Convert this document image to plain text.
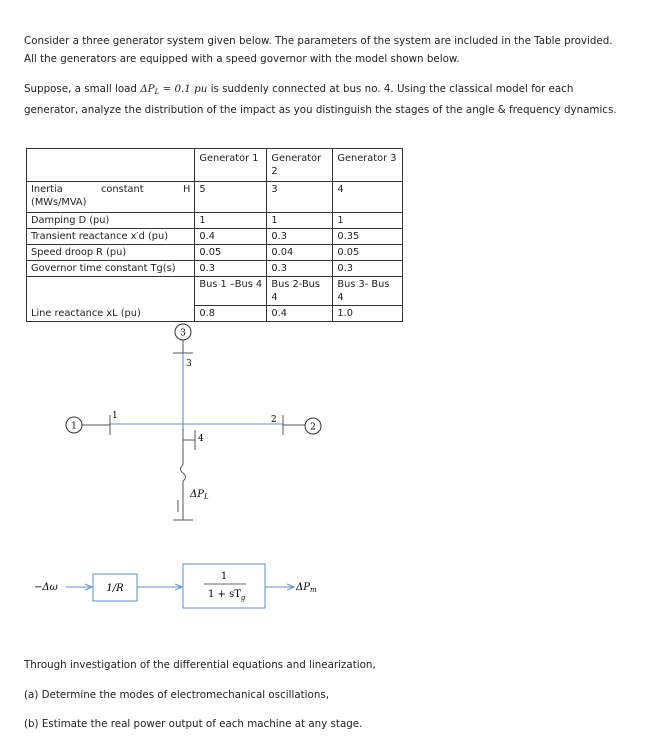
Consider a three generator system given below. The parameters of the system are included in the Table provided. All the generators are equipped with a speed governor with the model shown below.

Suppose, a small load $\Delta P_L = 0.1$ pu is suddenly connected at bus no. 4. Using the classical model for each generator, analyze the distribution of the impact as you distinguish the stages of the angle & frequency dynamics.

	Generator 1	Generator 2	Generator 3

Inertia constant H
(MWs/MVA)	5	3	4
Damping D (pu)	1	1	1
Transient reactance x′d (pu)	0.4	0.3	0.35
Speed droop R (pu)	0.05	0.04	0.05
Governor time constant Tg(s)	0.3	0.3	0.3
	Bus 1 –Bus 4	Bus 2-Bus 4	Bus 3- Bus 4
Line reactance xL (pu)	0.8	0.4	1.0
3
3
1
1	2
2
4
$\Delta P_L$
−Δω	1/R
1
$1 + sT_g$
$\Delta P_m$

Through investigation of the differential equations and linearization,

(a) Determine the modes of electromechanical oscillations,

(b) Estimate the real power output of each machine at any stage.
